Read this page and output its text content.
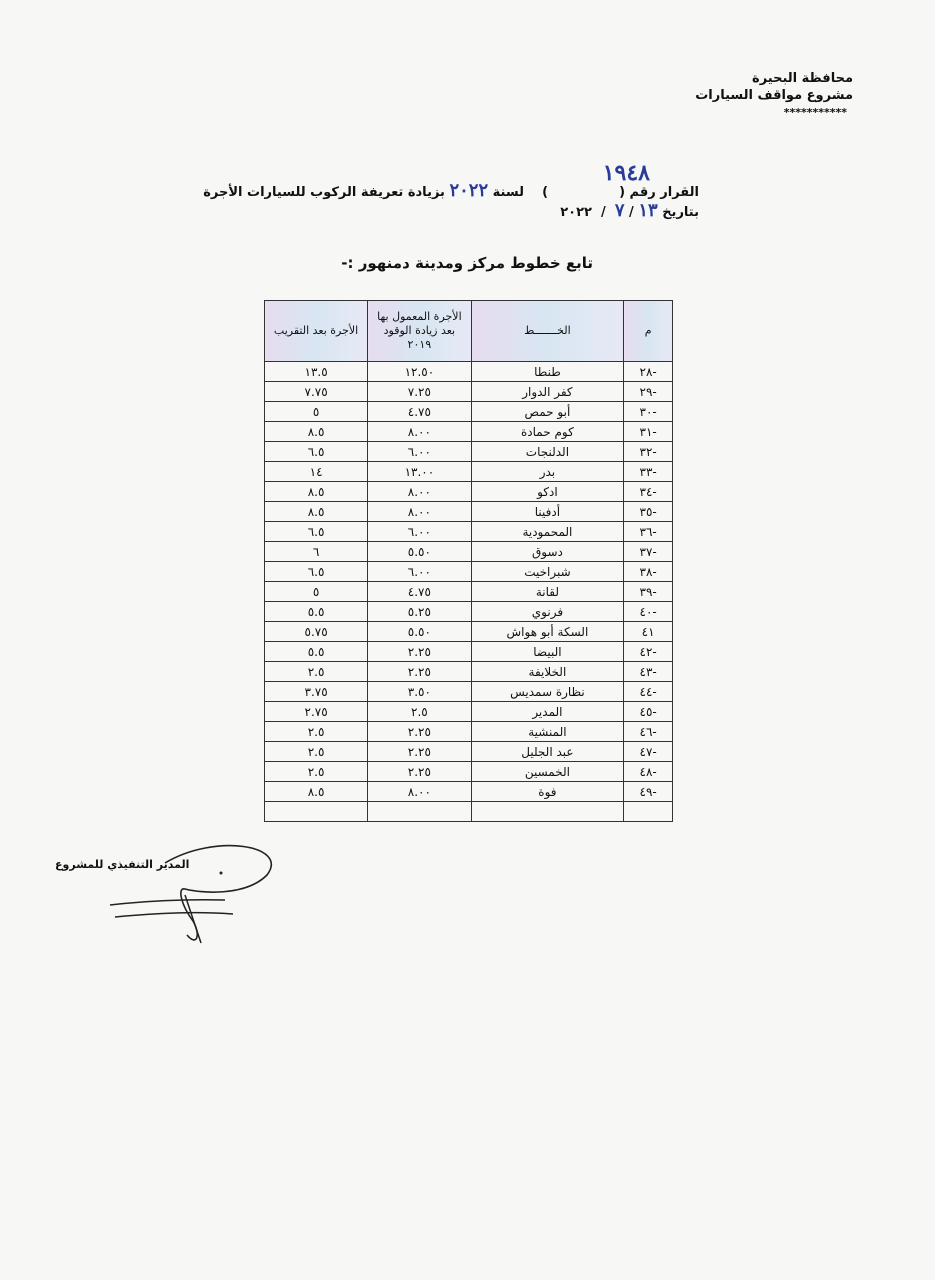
محافظة البحيرة
مشروع مواقف السيارات
***********
١٩٤٨
القرار رقم (  )    لسنة ٢٠٢٢ بزيادة تعريفة الركوب للسيارات الأجرة
بتاريخ ١٣ / ٧  /  ٢٠٢٢
تابع خطوط مركز ومدينة دمنهور :-
م	الخـــــــط	الأجرة المعمول بها بعد زيادة الوقود ٢٠١٩	الأجرة بعد التقريب
-٢٨	طنطا	١٢.٥٠	١٣.٥
-٢٩	كفر الدوار	٧.٢٥	٧.٧٥
-٣٠	أبو حمص	٤.٧٥	٥
-٣١	كوم حمادة	٨.٠٠	٨.٥
-٣٢	الدلنجات	٦.٠٠	٦.٥
-٣٣	بدر	١٣.٠٠	١٤
-٣٤	ادكو	٨.٠٠	٨.٥
-٣٥	أدفينا	٨.٠٠	٨.٥
-٣٦	المحمودية	٦.٠٠	٦.٥
-٣٧	دسوق	٥.٥٠	٦
-٣٨	شبراخيت	٦.٠٠	٦.٥
-٣٩	لقانة	٤.٧٥	٥
-٤٠	فرنوي	٥.٢٥	٥.٥
٤١	السكة أبو هواش	٥.٥٠	٥.٧٥
-٤٢	البيضا	٢.٢٥	٥.٥
-٤٣	الخلايفة	٢.٢٥	٢.٥
-٤٤	نظارة سمديس	٣.٥٠	٣.٧٥
-٤٥	المدير	٢.٥	٢.٧٥
-٤٦	المنشية	٢.٢٥	٢.٥
-٤٧	عبد الجليل	٢.٢٥	٢.٥
-٤٨	الخمسين	٢.٢٥	٢.٥
-٤٩	فوة	٨.٠٠	٨.٥

المدير التنفيذي للمشروع
